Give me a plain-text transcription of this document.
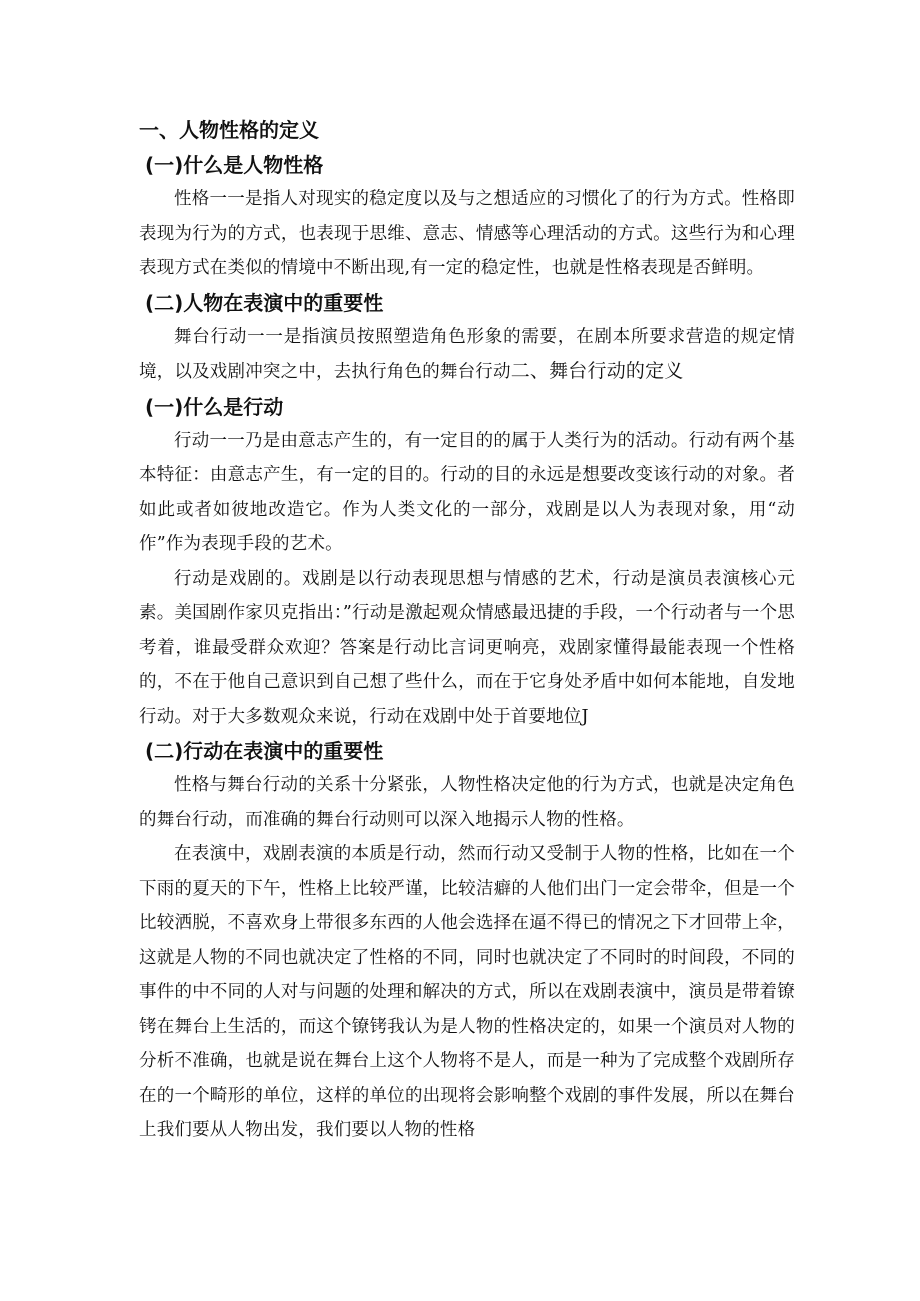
一、人物性格的定义
(一)什么是人物性格

性格一一是指人对现实的稳定度以及与之想适应的习惯化了的行为方式。性格即表现为行为的方式，也表现于思维、意志、情感等心理活动的方式。这些行为和心理表现方式在类似的情境中不断出现,有一定的稳定性，也就是性格表现是否鲜明。

(二)人物在表演中的重要性

舞台行动一一是指演员按照塑造角色形象的需要，在剧本所要求营造的规定情境，以及戏剧冲突之中，去执行角色的舞台行动二、舞台行动的定义

(一)什么是行动

行动一一乃是由意志产生的，有一定目的的属于人类行为的活动。行动有两个基本特征：由意志产生，有一定的目的。行动的目的永远是想要改变该行动的对象。者如此或者如彼地改造它。作为人类文化的一部分，戏剧是以人为表现对象，用“动作”作为表现手段的艺术。

行动是戏剧的。戏剧是以行动表现思想与情感的艺术，行动是演员表演核心元素。美国剧作家贝克指出：”行动是激起观众情感最迅捷的手段，一个行动者与一个思考着，谁最受群众欢迎？答案是行动比言词更响亮，戏剧家懂得最能表现一个性格的，不在于他自己意识到自己想了些什么，而在于它身处矛盾中如何本能地，自发地行动。对于大多数观众来说，行动在戏剧中处于首要地位J

(二)行动在表演中的重要性

性格与舞台行动的关系十分紧张，人物性格决定他的行为方式，也就是决定角色的舞台行动，而准确的舞台行动则可以深入地揭示人物的性格。

在表演中，戏剧表演的本质是行动，然而行动又受制于人物的性格，比如在一个下雨的夏天的下午，性格上比较严谨，比较洁癖的人他们出门一定会带伞，但是一个比较洒脱，不喜欢身上带很多东西的人他会选择在逼不得已的情况之下才回带上伞，这就是人物的不同也就决定了性格的不同，同时也就决定了不同时的时间段，不同的事件的中不同的人对与问题的处理和解决的方式，所以在戏剧表演中，演员是带着镣铐在舞台上生活的，而这个镣铐我认为是人物的性格决定的，如果一个演员对人物的分析不准确，也就是说在舞台上这个人物将不是人，而是一种为了完成整个戏剧所存在的一个畸形的单位，这样的单位的出现将会影响整个戏剧的事件发展，所以在舞台上我们要从人物出发，我们要以人物的性格
